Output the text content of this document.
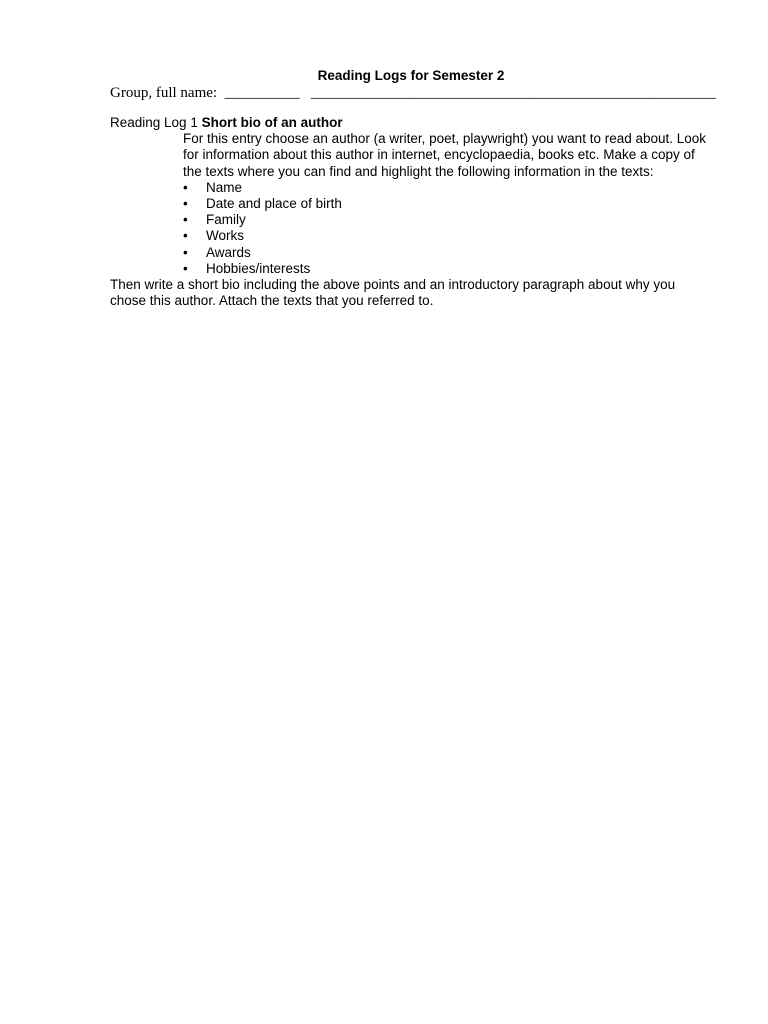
Reading Logs for Semester 2
Group, full name: __________ ______________________________________________________

Reading Log 1 Short bio of an author

For this entry choose an author (a writer, poet, playwright) you want to read about. Look for information about this author in internet, encyclopaedia, books etc. Make a copy of the texts where you can find and highlight the following information in the texts:

•	Name
•	Date and place of birth
•	Family
•	Works
•	Awards
•	Hobbies/interests

Then write a short bio including the above points and an introductory paragraph about why you chose this author. Attach the texts that you referred to.
